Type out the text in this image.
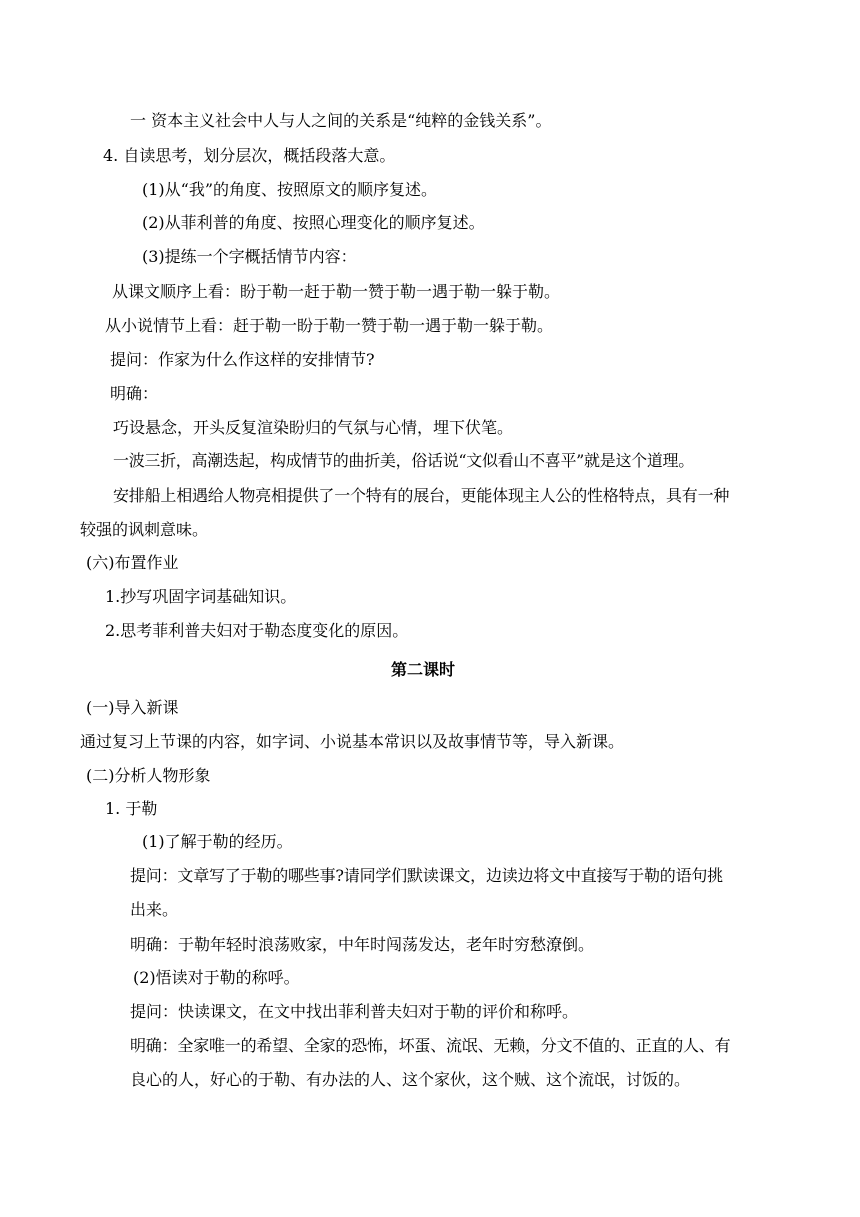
一 资本主义社会中人与人之间的关系是“纯粹的金钱关系”。
4. 自读思考，划分层次，概括段落大意。
(1)从“我”的角度、按照原文的顺序复述。
(2)从菲利普的角度、按照心理变化的顺序复述。
(3)提练一个字概括情节内容：
从课文顺序上看：盼于勒一赶于勒一赞于勒一遇于勒一躲于勒。
从小说情节上看：赶于勒一盼于勒一赞于勒一遇于勒一躲于勒。
提问：作家为什么作这样的安排情节?
明确：
巧设悬念，开头反复渲染盼归的气氛与心情，埋下伏笔。
一波三折，高潮迭起，构成情节的曲折美，俗话说“文似看山不喜平”就是这个道理。
安排船上相遇给人物亮相提供了一个特有的展台，更能体现主人公的性格特点，具有一种
较强的讽刺意味。
(六)布置作业
1.抄写巩固字词基础知识。
2.思考菲利普夫妇对于勒态度变化的原因。
第二课时
(一)导入新课
通过复习上节课的内容，如字词、小说基本常识以及故事情节等，导入新课。
(二)分析人物形象
1. 于勒
(1)了解于勒的经历。
提问：文章写了于勒的哪些事?请同学们默读课文，边读边将文中直接写于勒的语句挑
出来。
明确：于勒年轻时浪荡败家，中年时闯荡发达，老年时穷愁潦倒。
(2)悟读对于勒的称呼。
提问：快读课文，在文中找出菲利普夫妇对于勒的评价和称呼。
明确：全家唯一的希望、全家的恐怖，坏蛋、流氓、无赖，分文不值的、正直的人、有
良心的人，好心的于勒、有办法的人、这个家伙，这个贼、这个流氓，讨饭的。
